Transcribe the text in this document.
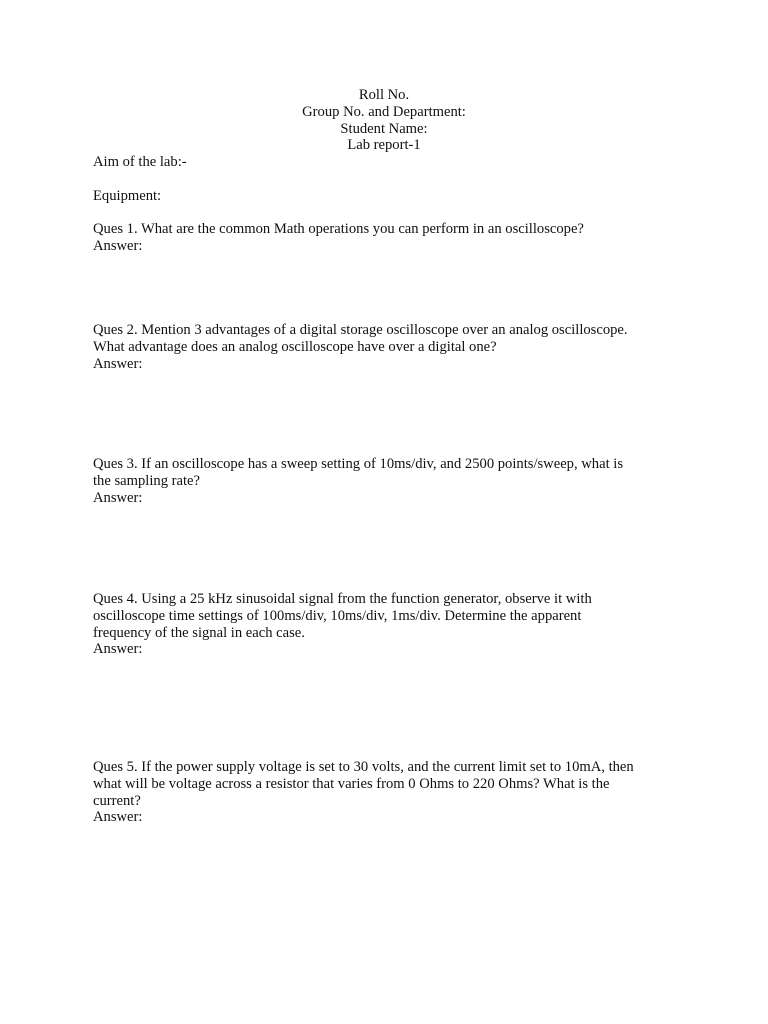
Roll No.
Group No. and Department:
Student Name:
Lab report-1
Aim of the lab:-
Equipment:
Ques 1. What are the common Math operations you can perform in an oscilloscope?
Answer:
Ques 2. Mention 3 advantages of a digital storage oscilloscope over an analog oscilloscope.
What advantage does an analog oscilloscope have over a digital one?
Answer:
Ques 3. If an oscilloscope has a sweep setting of 10ms/div, and 2500 points/sweep, what is
the sampling rate?
Answer:
Ques 4. Using a 25 kHz sinusoidal signal from the function generator, observe it with
oscilloscope time settings of 100ms/div, 10ms/div, 1ms/div. Determine the apparent
frequency of the signal in each case.
Answer:
Ques 5. If the power supply voltage is set to 30 volts, and the current limit set to 10mA, then
what will be voltage across a resistor that varies from 0 Ohms to 220 Ohms? What is the
current?
Answer:
